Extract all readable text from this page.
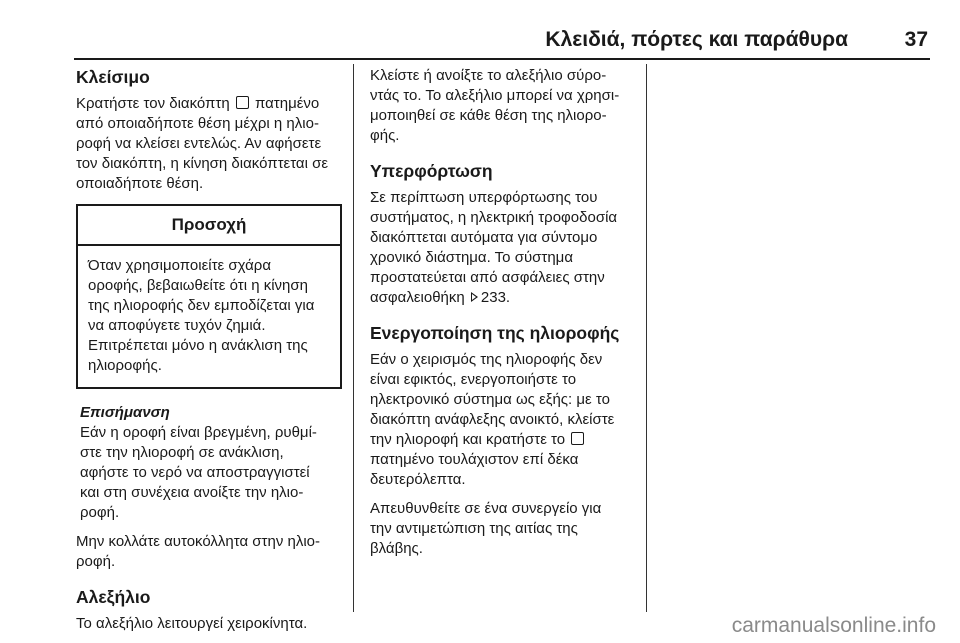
Κλειδιά, πόρτες και παράθυρα	37
Κλείσιμο

Κρατήστε τον διακόπτη  πατημένο
από οποιαδήποτε θέση μέχρι η ηλιο-
ροφή να κλείσει εντελώς. Αν αφήσετε
τον διακόπτη, η κίνηση διακόπτεται σε
οποιαδήποτε θέση.

Προσοχή
Όταν χρησιμοποιείτε σχάρα
οροφής, βεβαιωθείτε ότι η κίνηση
της ηλιοροφής δεν εμποδίζεται για
να αποφύγετε τυχόν ζημιά.
Επιτρέπεται μόνο η ανάκλιση της
ηλιοροφής.
Επισήμανση
Εάν η οροφή είναι βρεγμένη, ρυθμί-
στε την ηλιοροφή σε ανάκλιση,
αφήστε το νερό να αποστραγγιστεί
και στη συνέχεια ανοίξτε την ηλιο-
ροφή.

Μην κολλάτε αυτοκόλλητα στην ηλιο-
ροφή.

Αλεξήλιο

Το αλεξήλιο λειτουργεί χειροκίνητα.

Κλείστε ή ανοίξτε το αλεξήλιο σύρο-
ντάς το. Το αλεξήλιο μπορεί να χρησι-
μοποιηθεί σε κάθε θέση της ηλιορο-
φής.

Υπερφόρτωση

Σε περίπτωση υπερφόρτωσης του
συστήματος, η ηλεκτρική τροφοδοσία
διακόπτεται αυτόματα για σύντομο
χρονικό διάστημα. Το σύστημα
προστατεύεται από ασφάλειες στην
ασφαλειοθήκη 233.

Ενεργοποίηση της ηλιοροφής

Εάν ο χειρισμός της ηλιοροφής δεν
είναι εφικτός, ενεργοποιήστε το
ηλεκτρονικό σύστημα ως εξής: με το
διακόπτη ανάφλεξης ανοικτό, κλείστε
την ηλιοροφή και κρατήστε το
πατημένο τουλάχιστον επί δέκα
δευτερόλεπτα.

Απευθυνθείτε σε ένα συνεργείο για
την αντιμετώπιση της αιτίας της
βλάβης.

carmanualsonline.info
